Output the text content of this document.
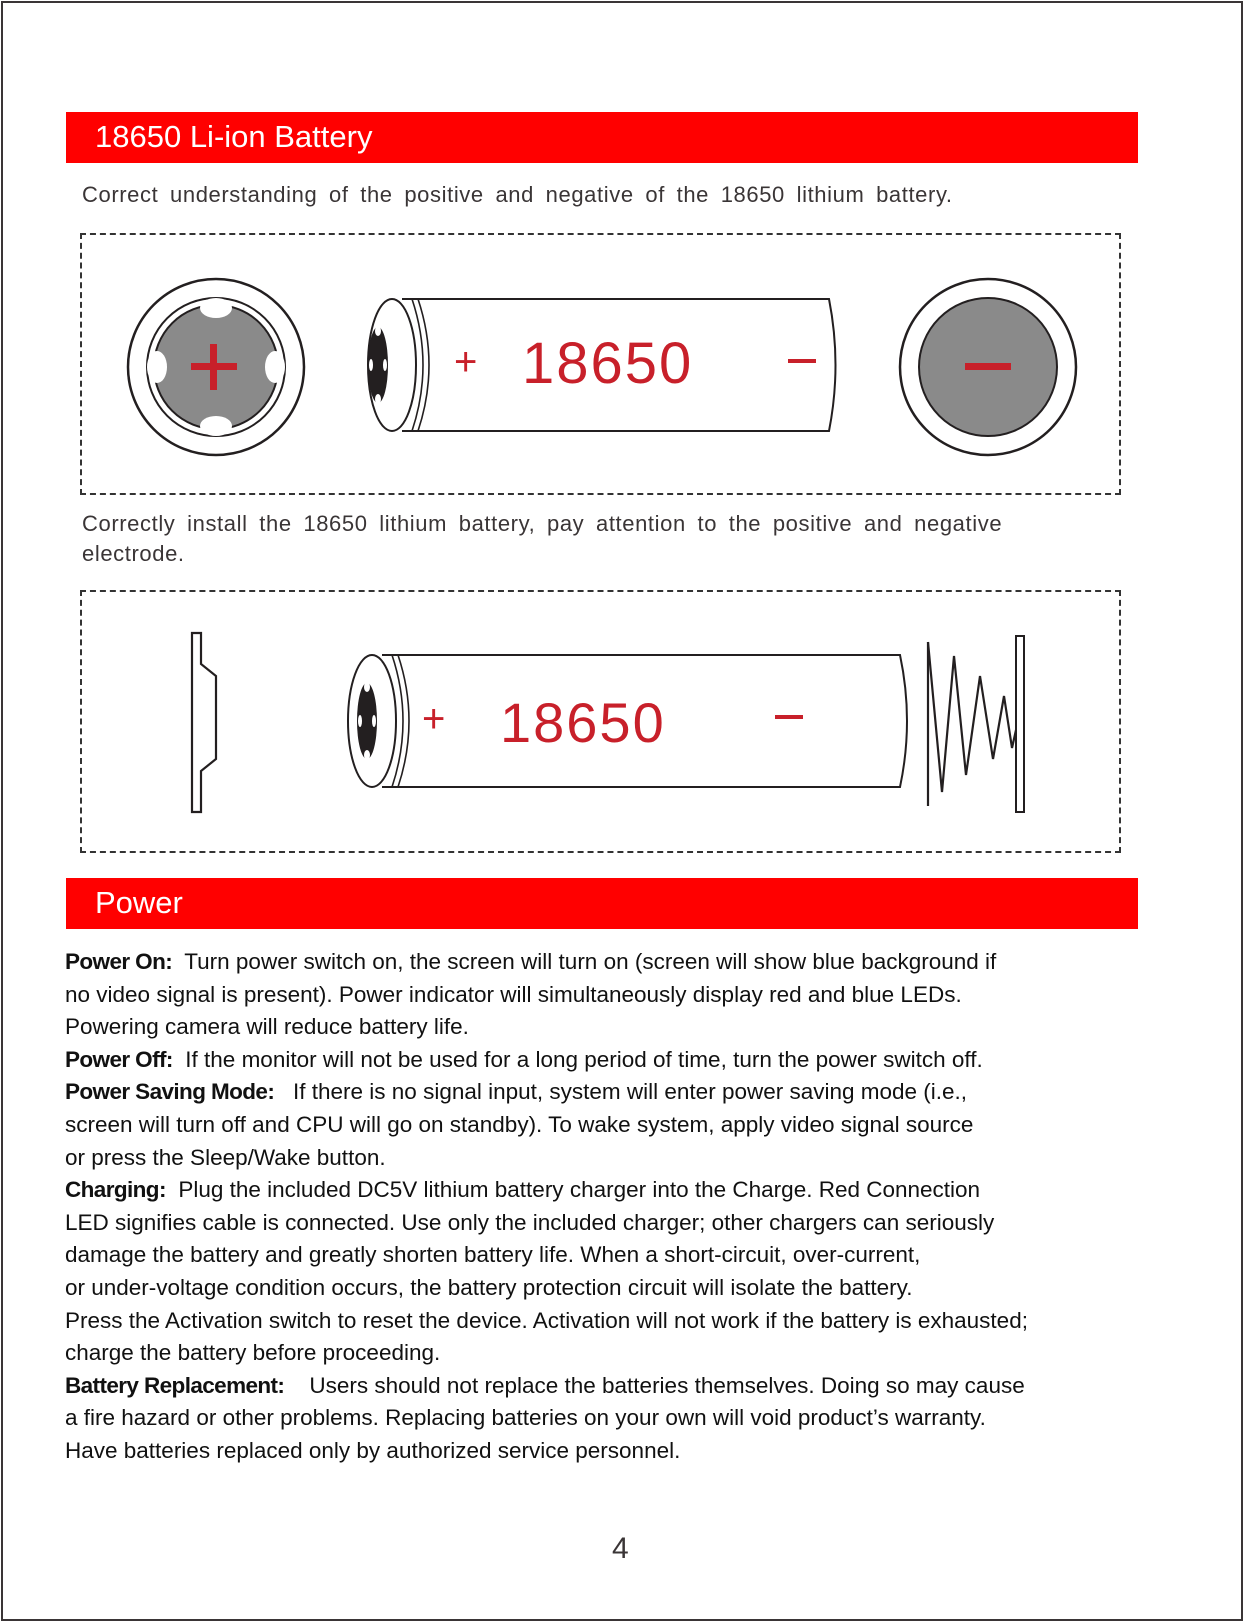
18650 Li-ion Battery
Correct understanding of the positive and negative of the 18650 lithium battery.
+ 18650
Correctly install the 18650 lithium battery, pay attention to the positive and negative
electrode.
+ 18650
Power
Power On: Turn power switch on, the screen will turn on (screen will show blue background if
no video signal is present). Power indicator will simultaneously display red and blue LEDs.
Powering camera will reduce battery life.
Power Off: If the monitor will not be used for a long period of time, turn the power switch off.
Power Saving Mode: If there is no signal input, system will enter power saving mode (i.e.,
screen will turn off and CPU will go on standby). To wake system, apply video signal source
or press the Sleep/Wake button.
Charging: Plug the included DC5V lithium battery charger into the Charge. Red Connection
LED signifies cable is connected. Use only the included charger; other chargers can seriously
damage the battery and greatly shorten battery life. When a short-circuit, over-current,
or under-voltage condition occurs, the battery protection circuit will isolate the battery.
Press the Activation switch to reset the device. Activation will not work if the battery is exhausted;
charge the battery before proceeding.
Battery Replacement: Users should not replace the batteries themselves. Doing so may cause
a fire hazard or other problems. Replacing batteries on your own will void product’s warranty.
Have batteries replaced only by authorized service personnel.
4
